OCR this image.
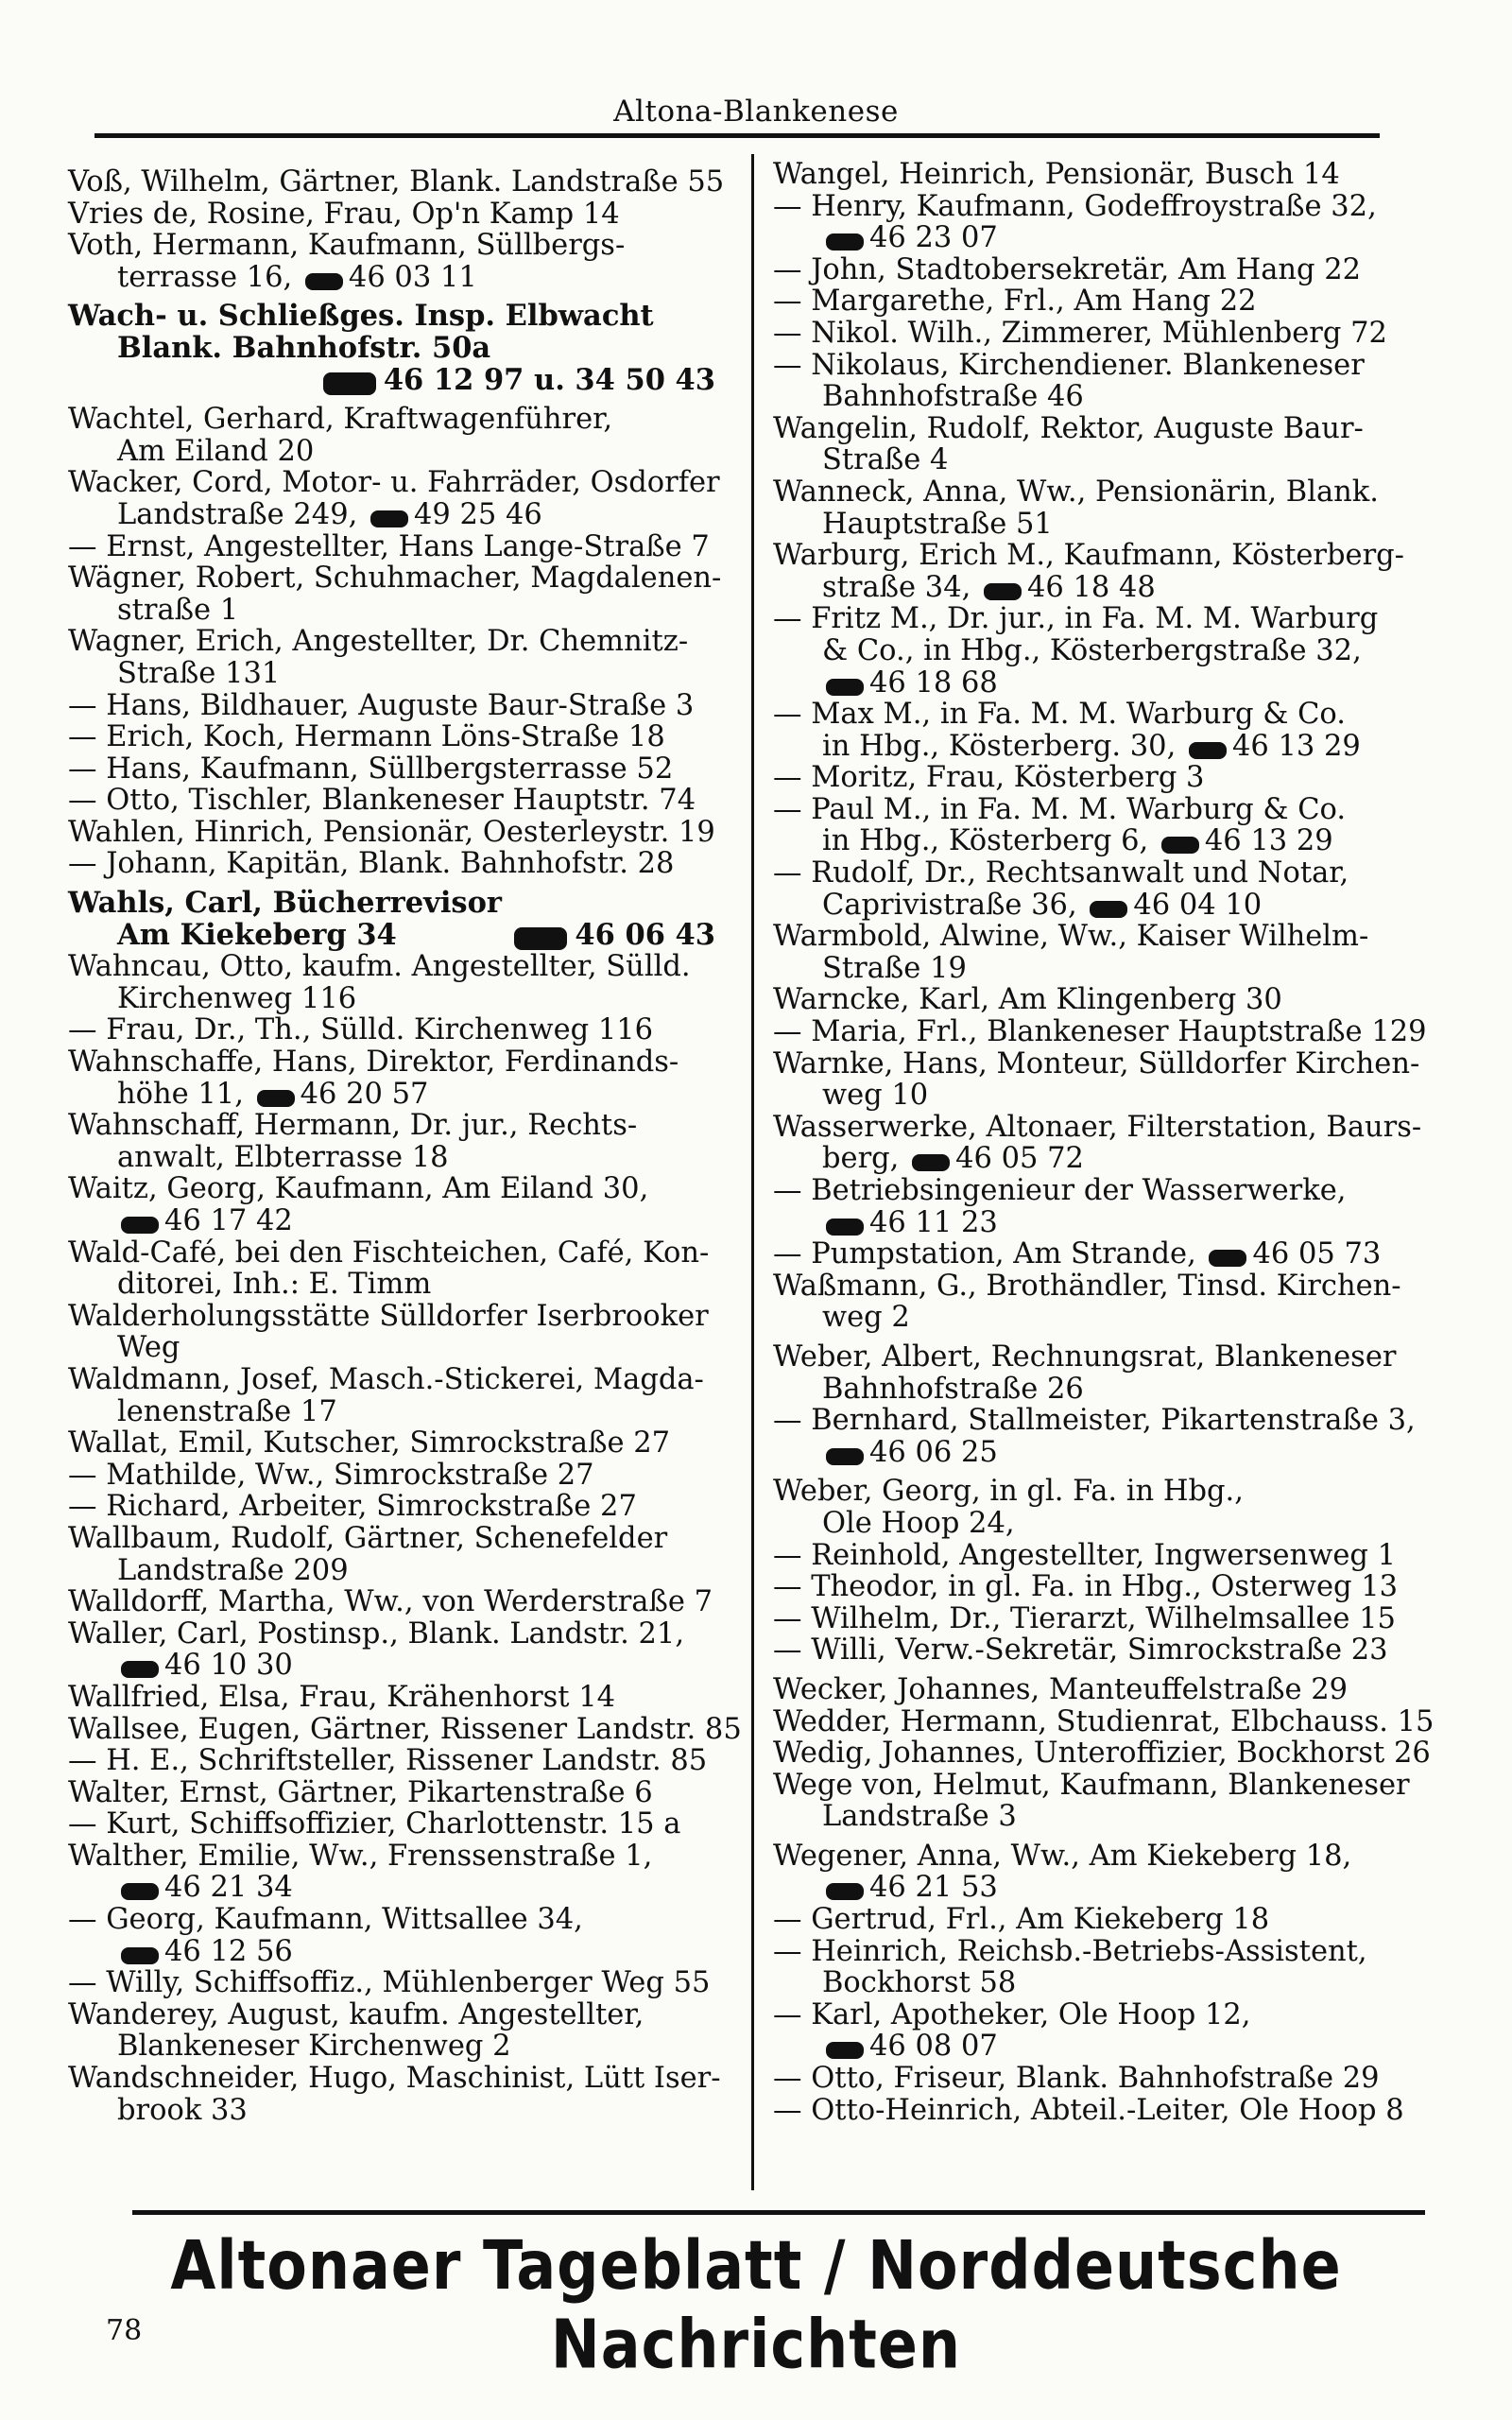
Altona-Blankenese
Voß, Wilhelm, Gärtner, Blank. Landstraße 55
Vries de, Rosine, Frau, Op'n Kamp 14
Voth, Hermann, Kaufmann, Süllbergs-
terrasse 16, 46 03 11
Wach- u. Schließges. Insp. Elbwacht
Blank. Bahnhofstr. 50a
46 12 97 u. 34 50 43
Wachtel, Gerhard, Kraftwagenführer,
Am Eiland 20
Wacker, Cord, Motor- u. Fahrräder, Osdorfer
Landstraße 249, 49 25 46
— Ernst, Angestellter, Hans Lange-Straße 7
Wägner, Robert, Schuhmacher, Magdalenen-
straße 1
Wagner, Erich, Angestellter, Dr. Chemnitz-
Straße 131
— Hans, Bildhauer, Auguste Baur-Straße 3
— Erich, Koch, Hermann Löns-Straße 18
— Hans, Kaufmann, Süllbergsterrasse 52
— Otto, Tischler, Blankeneser Hauptstr. 74
Wahlen, Hinrich, Pensionär, Oesterleystr. 19
— Johann, Kapitän, Blank. Bahnhofstr. 28
Wahls, Carl, Bücherrevisor
Am Kiekeberg 34	46 06 43
Wahncau, Otto, kaufm. Angestellter, Sülld.
Kirchenweg 116
— Frau, Dr., Th., Sülld. Kirchenweg 116
Wahnschaffe, Hans, Direktor, Ferdinands-
höhe 11, 46 20 57
Wahnschaff, Hermann, Dr. jur., Rechts-
anwalt, Elbterrasse 18
Waitz, Georg, Kaufmann, Am Eiland 30,
46 17 42
Wald-Café, bei den Fischteichen, Café, Kon-
ditorei, Inh.: E. Timm
Walderholungsstätte Sülldorfer Iserbrooker
Weg
Waldmann, Josef, Masch.-Stickerei, Magda-
lenenstraße 17
Wallat, Emil, Kutscher, Simrockstraße 27
— Mathilde, Ww., Simrockstraße 27
— Richard, Arbeiter, Simrockstraße 27
Wallbaum, Rudolf, Gärtner, Schenefelder
Landstraße 209
Walldorff, Martha, Ww., von Werderstraße 7
Waller, Carl, Postinsp., Blank. Landstr. 21,
46 10 30
Wallfried, Elsa, Frau, Krähenhorst 14
Wallsee, Eugen, Gärtner, Rissener Landstr. 85
— H. E., Schriftsteller, Rissener Landstr. 85
Walter, Ernst, Gärtner, Pikartenstraße 6
— Kurt, Schiffsoffizier, Charlottenstr. 15 a
Walther, Emilie, Ww., Frenssenstraße 1,
46 21 34
— Georg, Kaufmann, Wittsallee 34,
46 12 56
— Willy, Schiffsoffiz., Mühlenberger Weg 55
Wanderey, August, kaufm. Angestellter,
Blankeneser Kirchenweg 2
Wandschneider, Hugo, Maschinist, Lütt Iser-
brook 33
Wangel, Heinrich, Pensionär, Busch 14
— Henry, Kaufmann, Godeffroystraße 32,
46 23 07
— John, Stadtobersekretär, Am Hang 22
— Margarethe, Frl., Am Hang 22
— Nikol. Wilh., Zimmerer, Mühlenberg 72
— Nikolaus, Kirchendiener. Blankeneser
Bahnhofstraße 46
Wangelin, Rudolf, Rektor, Auguste Baur-
Straße 4
Wanneck, Anna, Ww., Pensionärin, Blank.
Hauptstraße 51
Warburg, Erich M., Kaufmann, Kösterberg-
straße 34, 46 18 48
— Fritz M., Dr. jur., in Fa. M. M. Warburg
& Co., in Hbg., Kösterbergstraße 32,
46 18 68
— Max M., in Fa. M. M. Warburg & Co.
in Hbg., Kösterberg. 30, 46 13 29
— Moritz, Frau, Kösterberg 3
— Paul M., in Fa. M. M. Warburg & Co.
in Hbg., Kösterberg 6, 46 13 29
— Rudolf, Dr., Rechtsanwalt und Notar,
Caprivistraße 36, 46 04 10
Warmbold, Alwine, Ww., Kaiser Wilhelm-
Straße 19
Warncke, Karl, Am Klingenberg 30
— Maria, Frl., Blankeneser Hauptstraße 129
Warnke, Hans, Monteur, Sülldorfer Kirchen-
weg 10
Wasserwerke, Altonaer, Filterstation, Baurs-
berg, 46 05 72
— Betriebsingenieur der Wasserwerke,
46 11 23
— Pumpstation, Am Strande, 46 05 73
Waßmann, G., Brothändler, Tinsd. Kirchen-
weg 2
Weber, Albert, Rechnungsrat, Blankeneser
Bahnhofstraße 26
— Bernhard, Stallmeister, Pikartenstraße 3,
46 06 25
Weber, Georg, in gl. Fa. in Hbg.,
Ole Hoop 24,
— Reinhold, Angestellter, Ingwersenweg 1
— Theodor, in gl. Fa. in Hbg., Osterweg 13
— Wilhelm, Dr., Tierarzt, Wilhelmsallee 15
— Willi, Verw.-Sekretär, Simrockstraße 23
Wecker, Johannes, Manteuffelstraße 29
Wedder, Hermann, Studienrat, Elbchauss. 15
Wedig, Johannes, Unteroffizier, Bockhorst 26
Wege von, Helmut, Kaufmann, Blankeneser
Landstraße 3
Wegener, Anna, Ww., Am Kiekeberg 18,
46 21 53
— Gertrud, Frl., Am Kiekeberg 18
— Heinrich, Reichsb.-Betriebs-Assistent,
Bockhorst 58
— Karl, Apotheker, Ole Hoop 12,
46 08 07
— Otto, Friseur, Blank. Bahnhofstraße 29
— Otto-Heinrich, Abteil.-Leiter, Ole Hoop 8
Altonaer Tageblatt / Norddeutsche Nachrichten
78
